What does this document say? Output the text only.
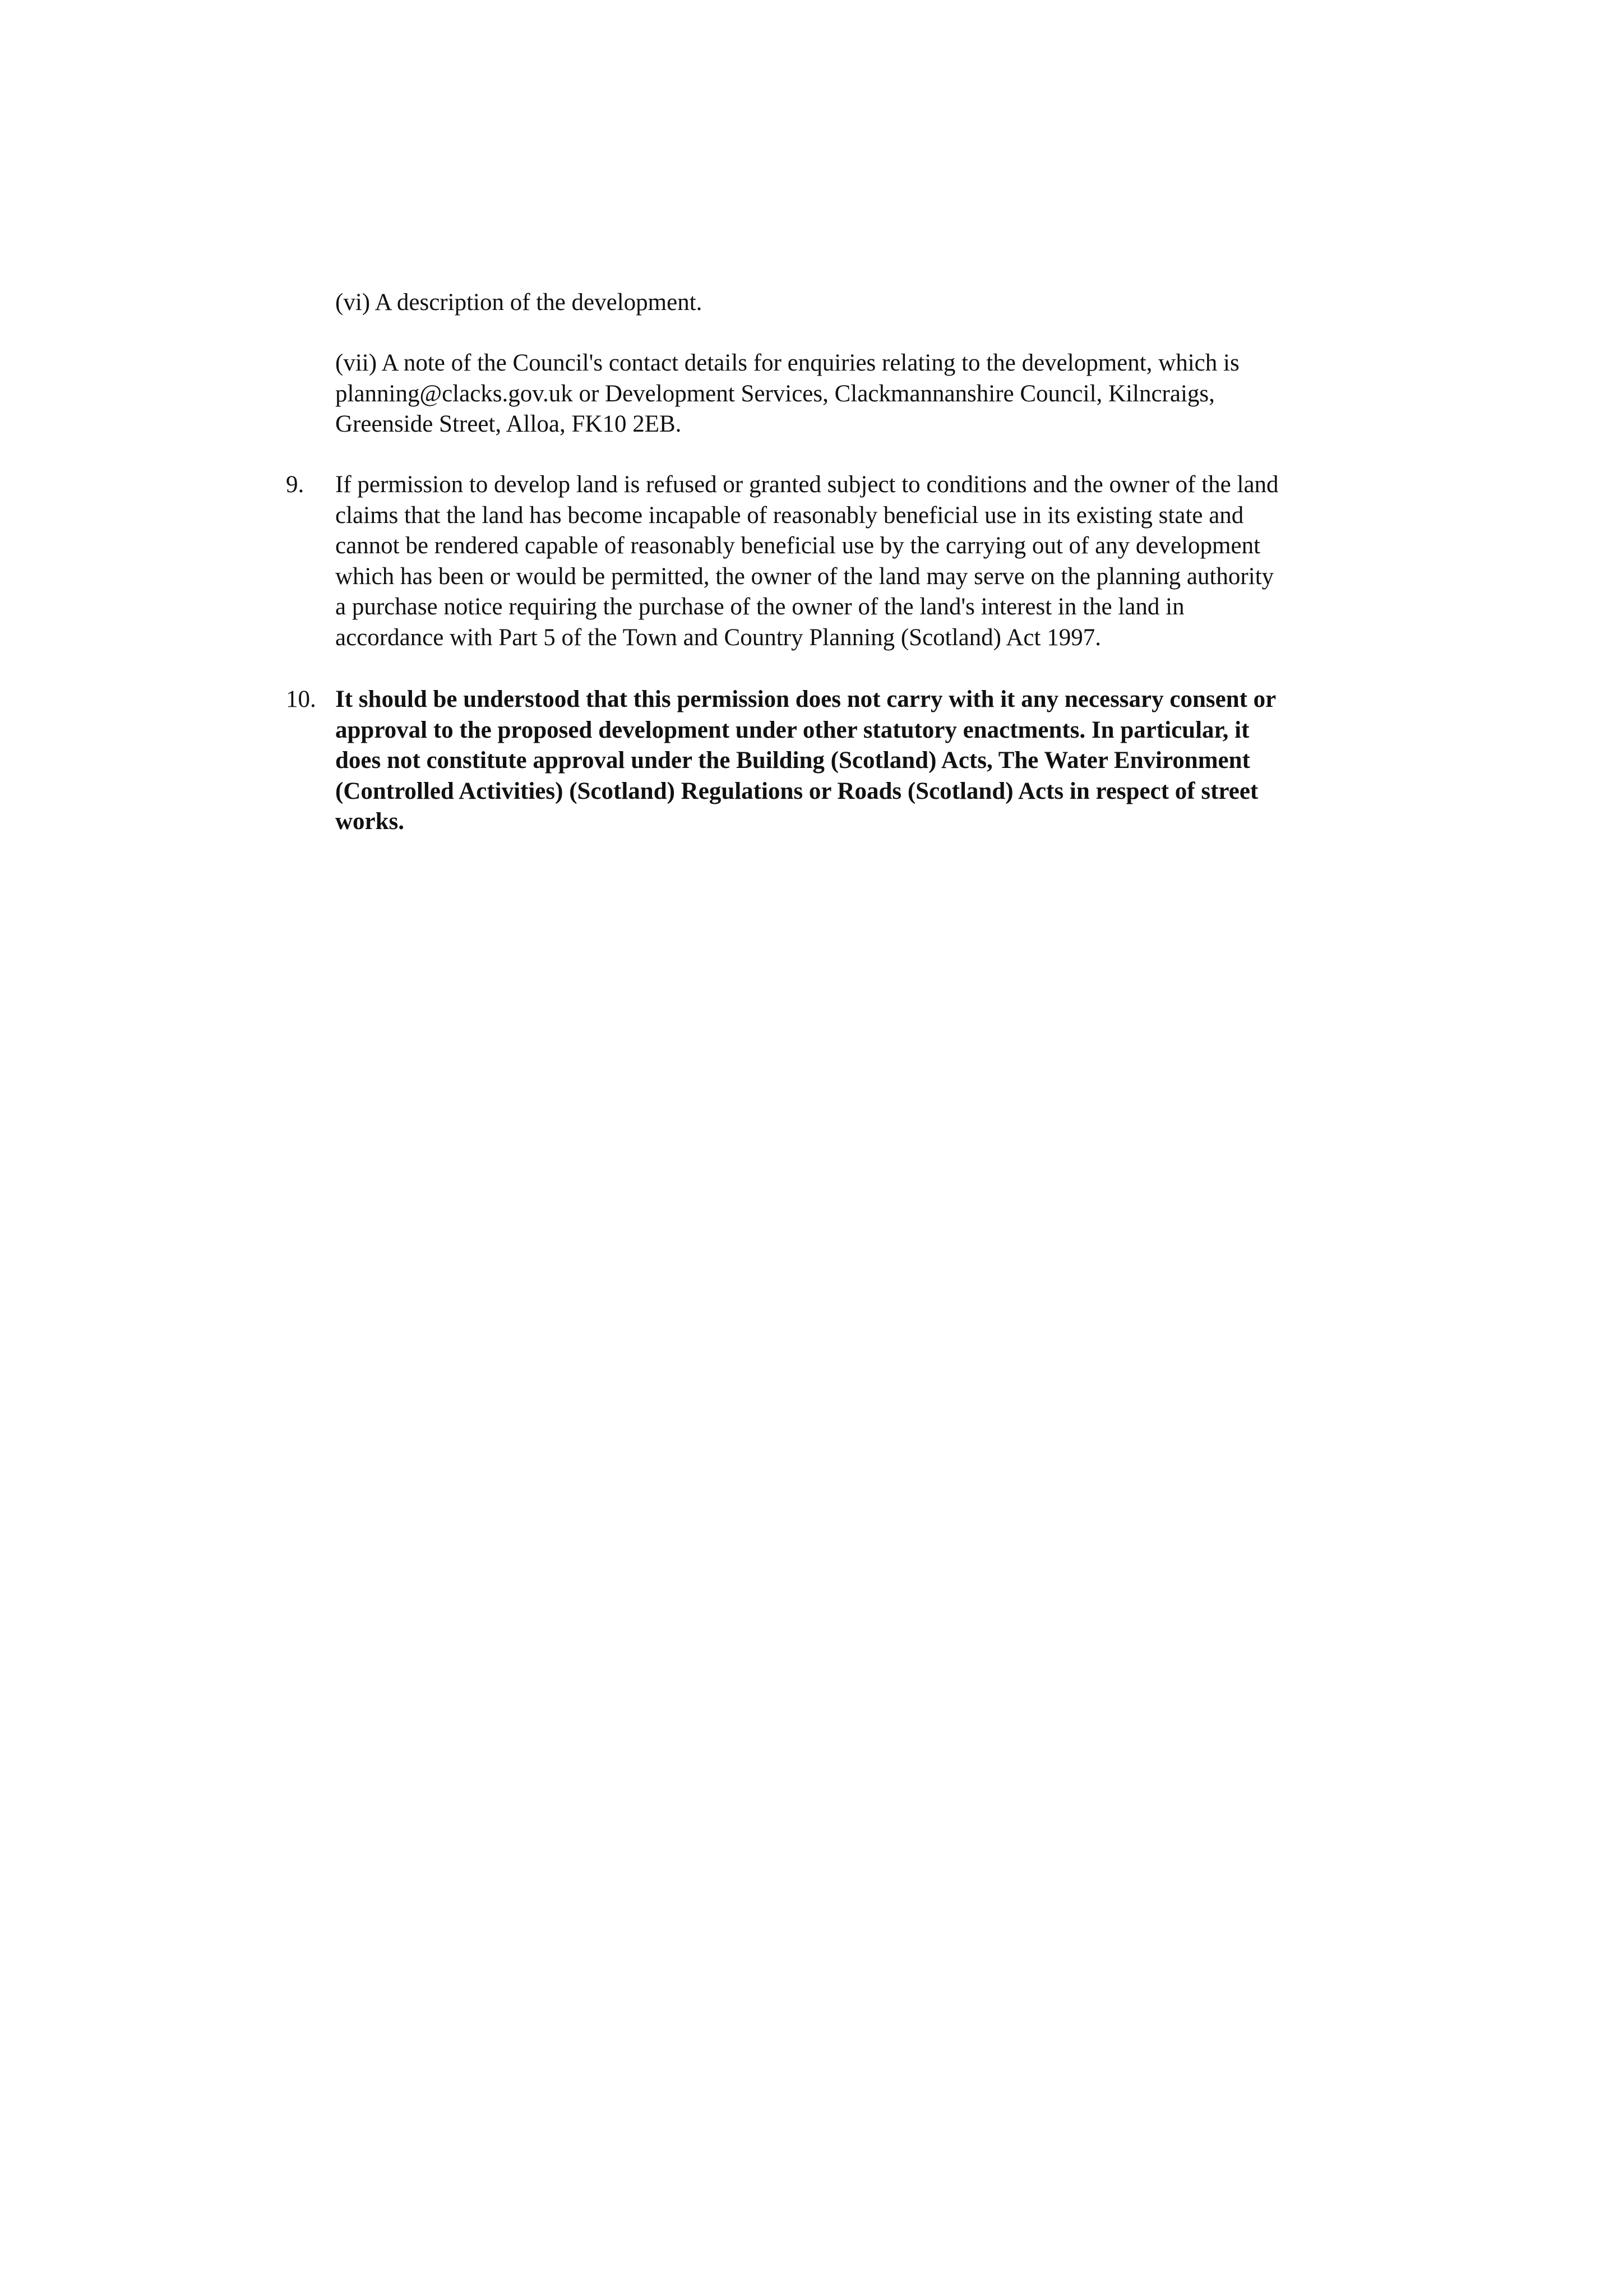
(vi) A description of the development.
(vii) A note of the Council's contact details for enquiries relating to the development, which is
planning@clacks.gov.uk or Development Services, Clackmannanshire Council, Kilncraigs,
Greenside Street, Alloa, FK10 2EB.
9. If permission to develop land is refused or granted subject to conditions and the owner of the land
claims that the land has become incapable of reasonably beneficial use in its existing state and
cannot be rendered capable of reasonably beneficial use by the carrying out of any development
which has been or would be permitted, the owner of the land may serve on the planning authority
a purchase notice requiring the purchase of the owner of the land's interest in the land in
accordance with Part 5 of the Town and Country Planning (Scotland) Act 1997.
10. It should be understood that this permission does not carry with it any necessary consent or
approval to the proposed development under other statutory enactments. In particular, it
does not constitute approval under the Building (Scotland) Acts, The Water Environment
(Controlled Activities) (Scotland) Regulations or Roads (Scotland) Acts in respect of street
works.
